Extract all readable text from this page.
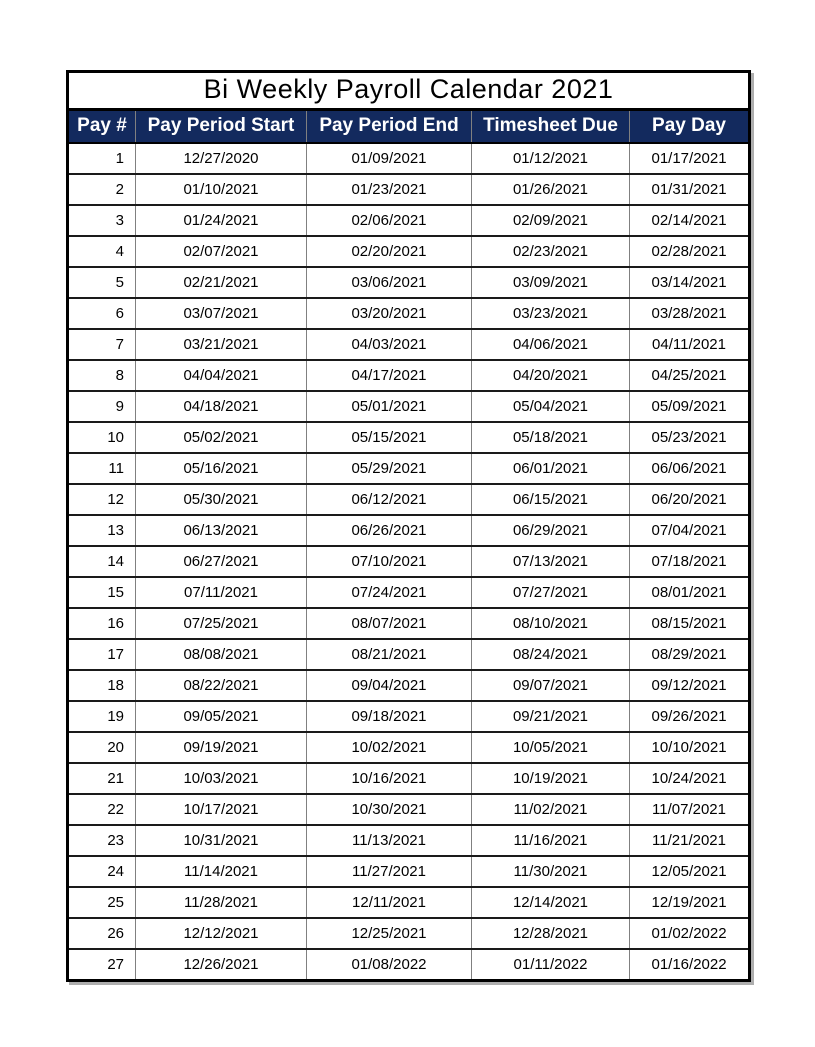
Bi Weekly Payroll Calendar 2021				
Pay #	Pay Period Start	Pay Period End	Timesheet Due	Pay Day
1	12/27/2020	01/09/2021	01/12/2021	01/17/2021
2	01/10/2021	01/23/2021	01/26/2021	01/31/2021
3	01/24/2021	02/06/2021	02/09/2021	02/14/2021
4	02/07/2021	02/20/2021	02/23/2021	02/28/2021
5	02/21/2021	03/06/2021	03/09/2021	03/14/2021
6	03/07/2021	03/20/2021	03/23/2021	03/28/2021
7	03/21/2021	04/03/2021	04/06/2021	04/11/2021
8	04/04/2021	04/17/2021	04/20/2021	04/25/2021
9	04/18/2021	05/01/2021	05/04/2021	05/09/2021
10	05/02/2021	05/15/2021	05/18/2021	05/23/2021
11	05/16/2021	05/29/2021	06/01/2021	06/06/2021
12	05/30/2021	06/12/2021	06/15/2021	06/20/2021
13	06/13/2021	06/26/2021	06/29/2021	07/04/2021
14	06/27/2021	07/10/2021	07/13/2021	07/18/2021
15	07/11/2021	07/24/2021	07/27/2021	08/01/2021
16	07/25/2021	08/07/2021	08/10/2021	08/15/2021
17	08/08/2021	08/21/2021	08/24/2021	08/29/2021
18	08/22/2021	09/04/2021	09/07/2021	09/12/2021
19	09/05/2021	09/18/2021	09/21/2021	09/26/2021
20	09/19/2021	10/02/2021	10/05/2021	10/10/2021
21	10/03/2021	10/16/2021	10/19/2021	10/24/2021
22	10/17/2021	10/30/2021	11/02/2021	11/07/2021
23	10/31/2021	11/13/2021	11/16/2021	11/21/2021
24	11/14/2021	11/27/2021	11/30/2021	12/05/2021
25	11/28/2021	12/11/2021	12/14/2021	12/19/2021
26	12/12/2021	12/25/2021	12/28/2021	01/02/2022
27	12/26/2021	01/08/2022	01/11/2022	01/16/2022
